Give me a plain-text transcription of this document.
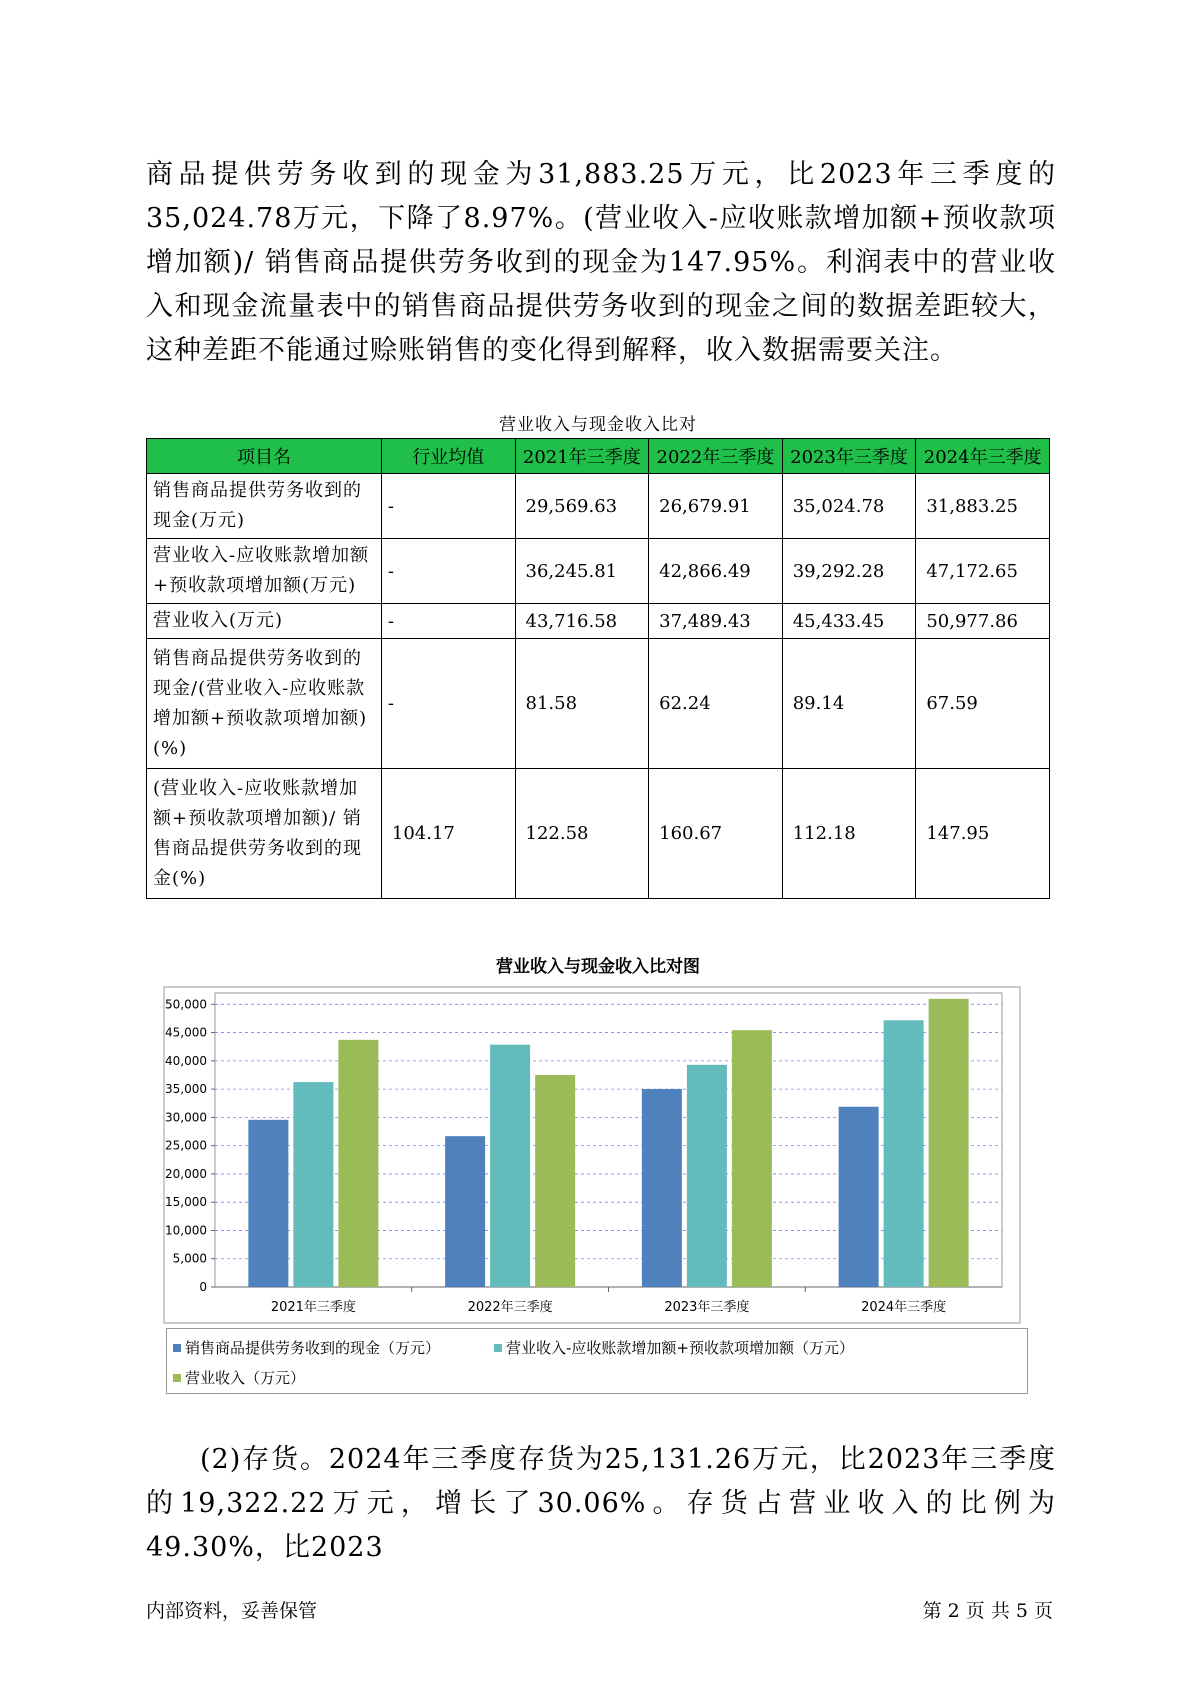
商品提供劳务收到的现金为31,883.25万元，比2023年三季度的35,024.78万元，下降了8.97%。(营业收入-应收账款增加额+预收款项增加额)/ 销售商品提供劳务收到的现金为147.95%。利润表中的营业收入和现金流量表中的销售商品提供劳务收到的现金之间的数据差距较大，这种差距不能通过赊账销售的变化得到解释，收入数据需要关注。

营业收入与现金收入比对
项目名	行业均值	2021年三季度	2022年三季度	2023年三季度	2024年三季度
销售商品提供劳务收到的现金(万元)	-	29,569.63	26,679.91	35,024.78	31,883.25
营业收入-应收账款增加额+预收款项增加额(万元)	-	36,245.81	42,866.49	39,292.28	47,172.65
营业收入(万元)	-	43,716.58	37,489.43	45,433.45	50,977.86
销售商品提供劳务收到的现金/(营业收入-应收账款增加额+预收款项增加额)(%)	-	81.58	62.24	89.14	67.59
(营业收入-应收账款增加额+预收款项增加额)/ 销售商品提供劳务收到的现金(%)	104.17	122.58	160.67	112.18	147.95
营业收入与现金收入比对图
0
5,000
10,000
15,000
20,000
25,000
30,000
35,000
40,000
45,000
50,000
2021年三季度	2022年三季度	2023年三季度	2024年三季度
销售商品提供劳务收到的现金（万元）	营业收入-应收账款增加额+预收款项增加额（万元）
营业收入（万元）

(2)存货。2024年三季度存货为25,131.26万元，比2023年三季度的19,322.22万元，增长了30.06%。存货占营业收入的比例为49.30%，比2023

内部资料，妥善保管	第 2 页 共 5 页
